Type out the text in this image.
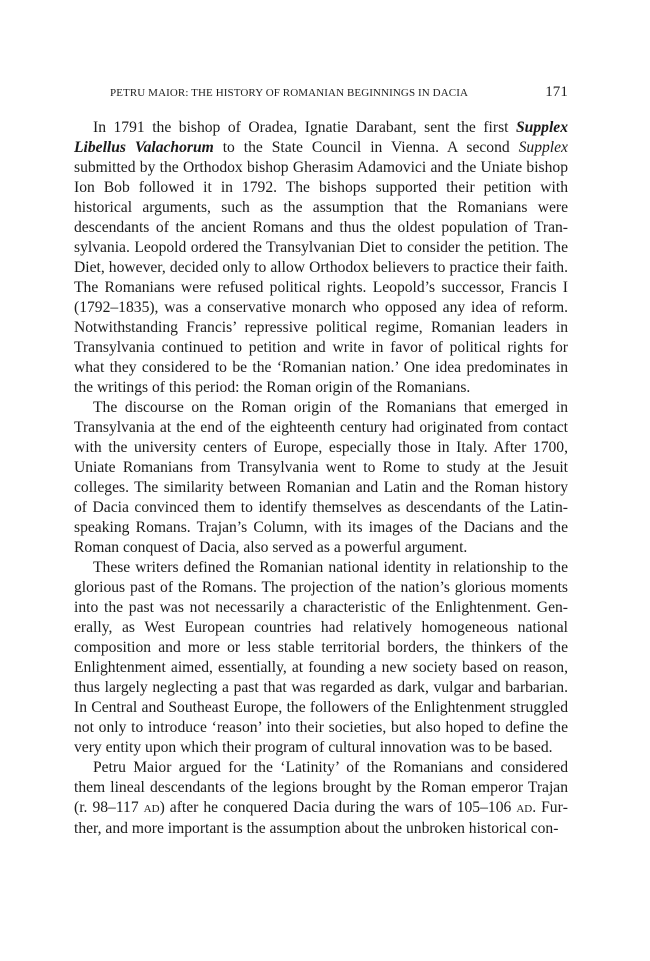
PETRU MAIOR: THE HISTORY OF ROMANIAN BEGINNINGS IN DACIA	171

In 1791 the bishop of Oradea, Ignatie Darabant, sent the first Supplex Libellus Valachorum to the State Council in Vienna. A second Supplex submitted by the Orthodox bishop Gherasim Adamovici and the Uniate bishop Ion Bob followed it in 1792. The bishops supported their petition with historical arguments, such as the assumption that the Romanians were descendants of the ancient Romans and thus the oldest population of Transylvania. Leopold ordered the Transylvanian Diet to consider the petition. The Diet, however, decided only to allow Orthodox believers to practice their faith. The Romanians were refused political rights. Leopold’s successor, Francis I (1792–1835), was a conservative monarch who opposed any idea of reform. Notwithstanding Francis’ repressive political regime, Romanian leaders in Transylvania continued to petition and write in favor of political rights for what they considered to be the ‘Romanian nation.’ One idea predominates in the writings of this period: the Roman origin of the Romanians.

The discourse on the Roman origin of the Romanians that emerged in Transylvania at the end of the eighteenth century had originated from contact with the university centers of Europe, especially those in Italy. After 1700, Uniate Romanians from Transylvania went to Rome to study at the Jesuit colleges. The similarity between Romanian and Latin and the Roman history of Dacia convinced them to identify themselves as descendants of the Latin-speaking Romans. Trajan’s Column, with its images of the Dacians and the Roman conquest of Dacia, also served as a powerful argument.

These writers defined the Romanian national identity in relationship to the glorious past of the Romans. The projection of the nation’s glorious moments into the past was not necessarily a characteristic of the Enlightenment. Generally, as West European countries had relatively homogeneous national composition and more or less stable territorial borders, the thinkers of the Enlightenment aimed, essentially, at founding a new society based on reason, thus largely neglecting a past that was regarded as dark, vulgar and barbarian. In Central and Southeast Europe, the followers of the Enlightenment struggled not only to introduce ‘reason’ into their societies, but also hoped to define the very entity upon which their program of cultural innovation was to be based.

Petru Maior argued for the ‘Latinity’ of the Romanians and considered them lineal descendants of the legions brought by the Roman emperor Trajan (r. 98–117 AD) after he conquered Dacia during the wars of 105–106 AD. Further, and more important is the assumption about the unbroken historical con-
